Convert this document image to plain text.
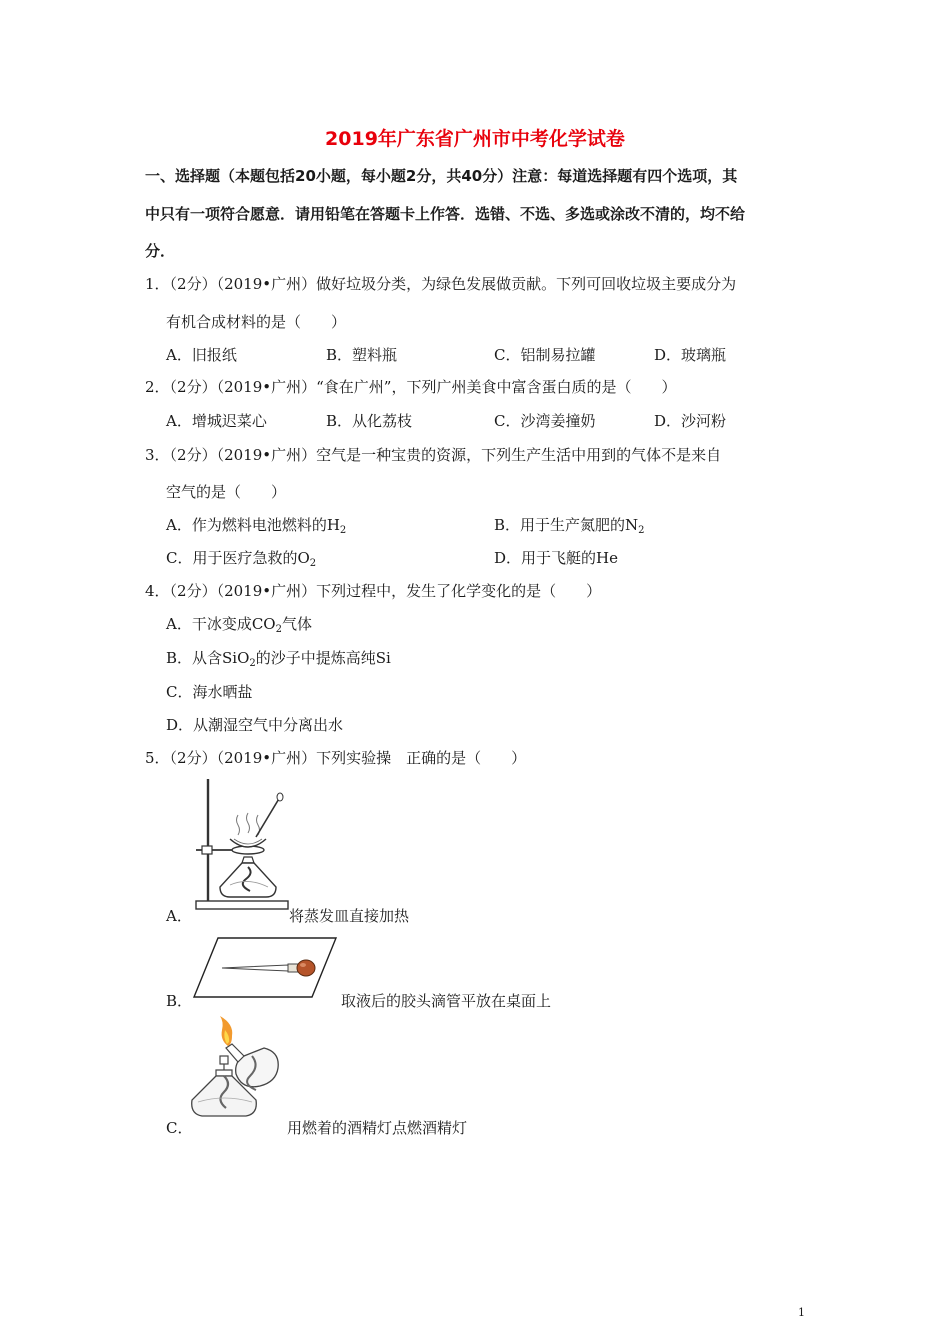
2019年广东省广州市中考化学试卷
一、选择题（本题包括20小题，每小题2分，共40分）注意：每道选择题有四个选项，其
中只有一项符合愿意．请用铅笔在答题卡上作答．选错、不选、多选或涂改不清的，均不给
分．
1．（2分）（2019•广州）做好垃圾分类，为绿色发展做贡献。下列可回收垃圾主要成分为
有机合成材料的是（　　）
A．旧报纸	B．塑料瓶	C．铝制易拉罐	D．玻璃瓶
2．（2分）（2019•广州）“食在广州”，下列广州美食中富含蛋白质的是（　　）
A．增城迟菜心	B．从化荔枝	C．沙湾姜撞奶	D．沙河粉
3．（2分）（2019•广州）空气是一种宝贵的资源，下列生产生活中用到的气体不是来自
空气的是（　　）
A．作为燃料电池燃料的$H_2$	B．用于生产氮肥的$N_2$
C．用于医疗急救的$O_2$	D．用于飞艇的He
4．（2分）（2019•广州）下列过程中，发生了化学变化的是（　　）
A．干冰变成$CO_2$气体
B．从含SiO$_2$的沙子中提炼高纯Si
C．海水晒盐
D．从潮湿空气中分离出水
5．（2分）（2019•广州）下列实验操　正确的是（　　）
A．	将蒸发皿直接加热
B．	取液后的胶头滴管平放在桌面上
C．	用燃着的酒精灯点燃酒精灯
1
